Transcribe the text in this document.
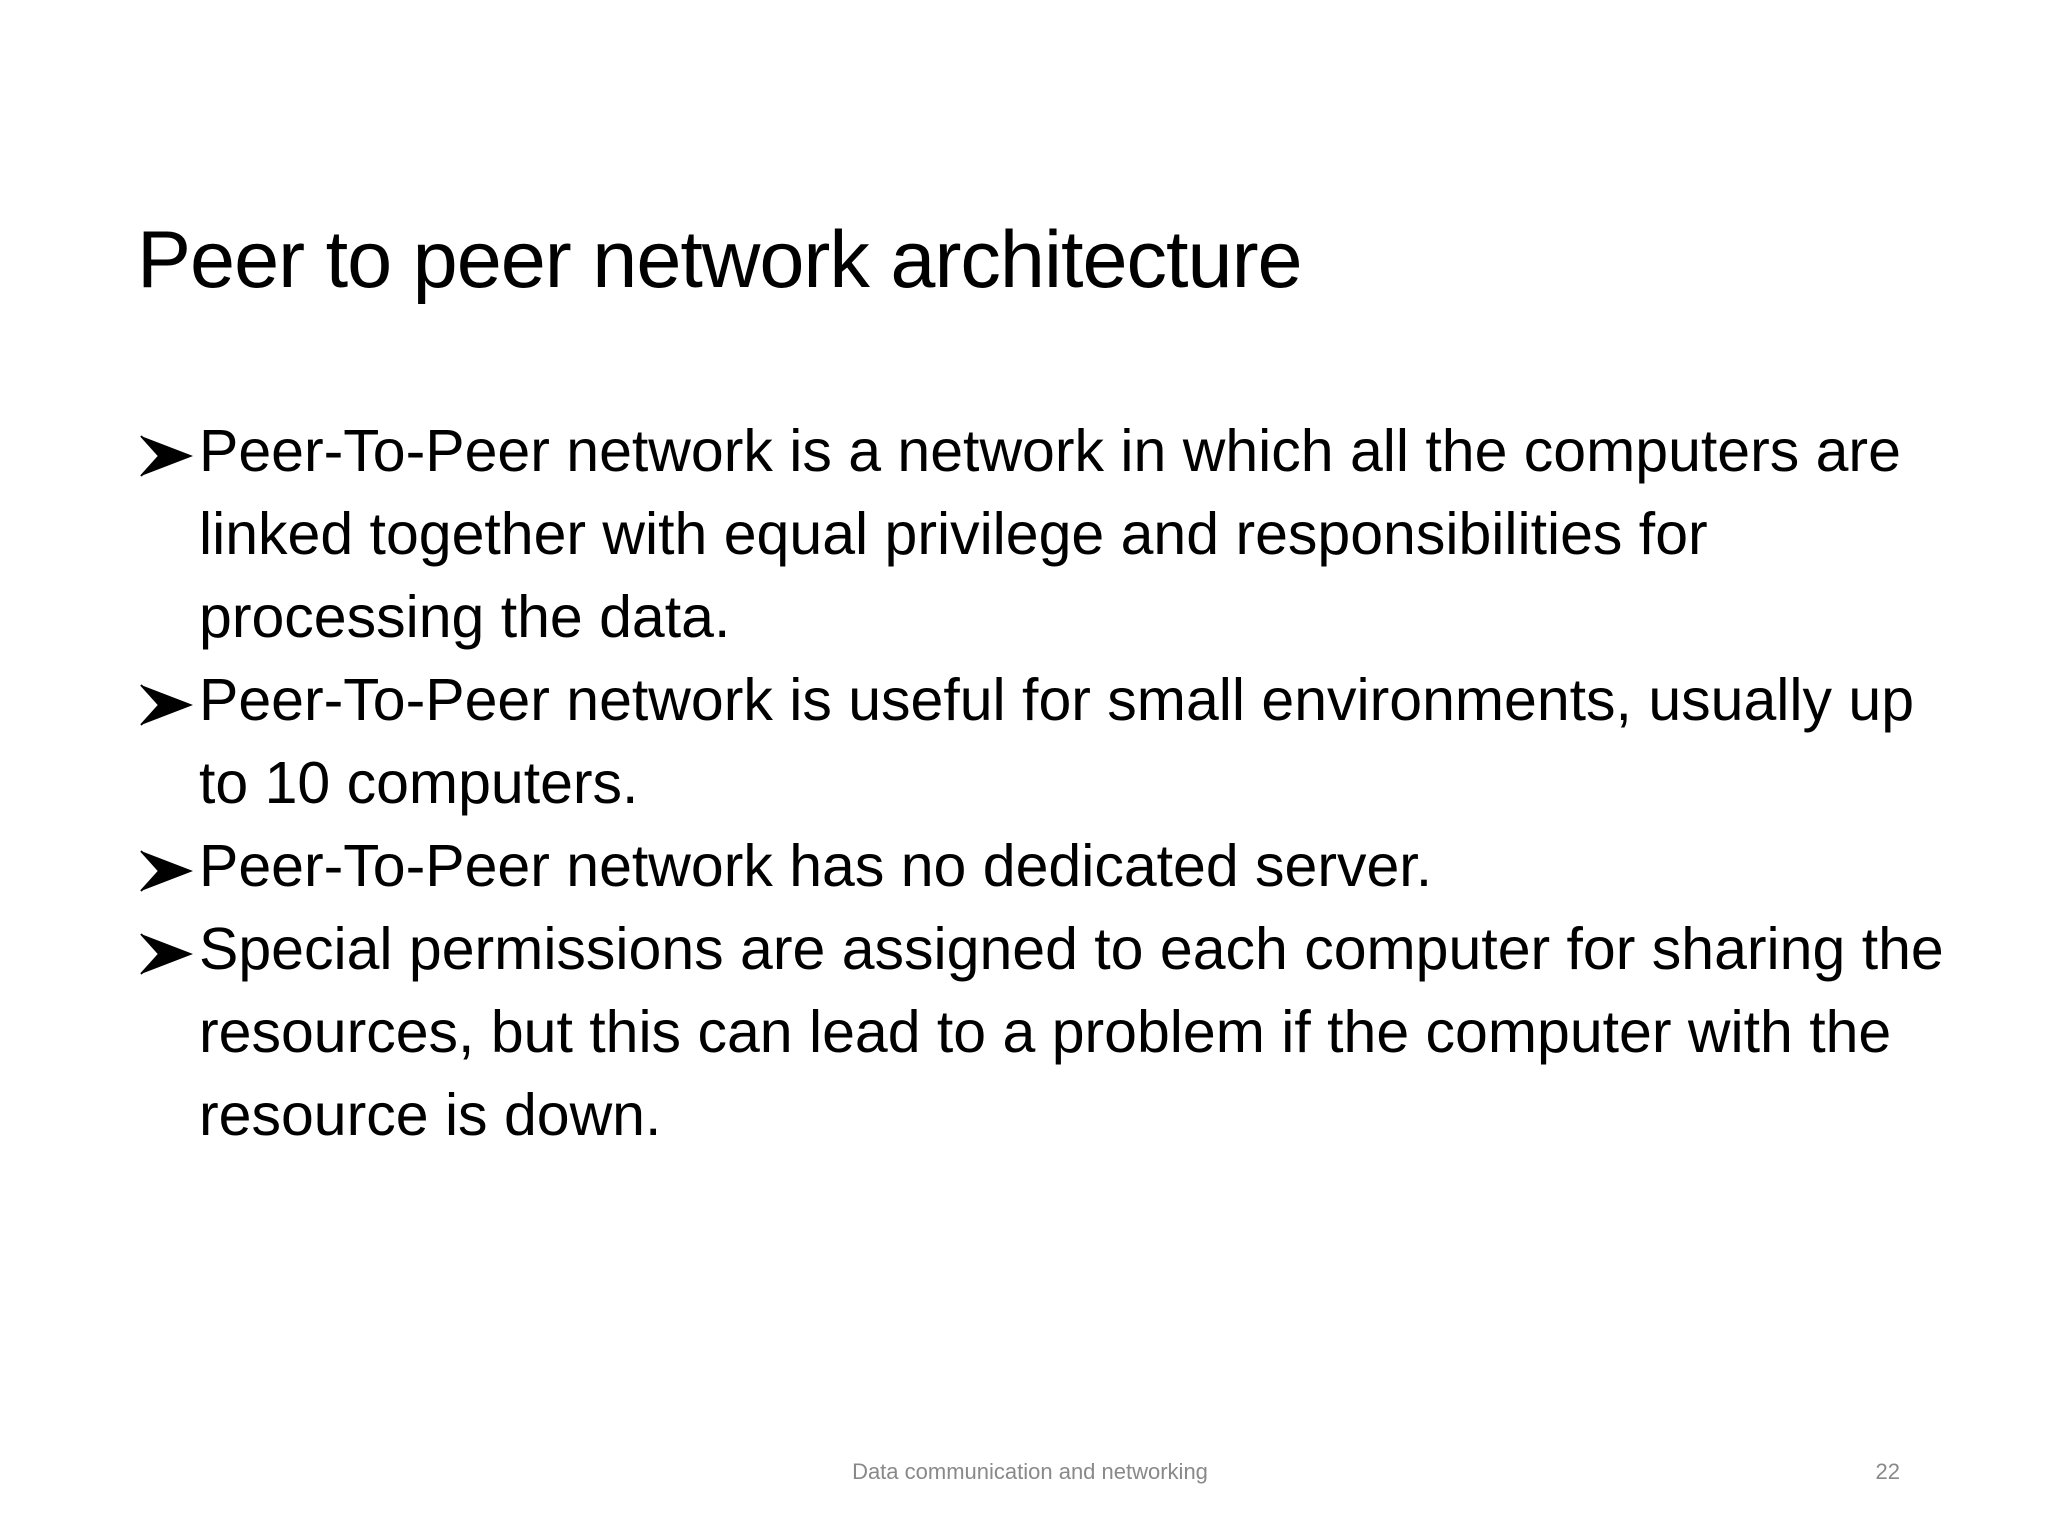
Peer to peer network architecture
Peer-To-Peer network is a network in which all the computers are linked together with equal privilege and responsibilities for processing the data.
Peer-To-Peer network is useful for small environments, usually up to 10 computers.
Peer-To-Peer network has no dedicated server.
Special permissions are assigned to each computer for sharing the resources, but this can lead to a problem if the computer with the resource is down.
Data communication and networking	22
